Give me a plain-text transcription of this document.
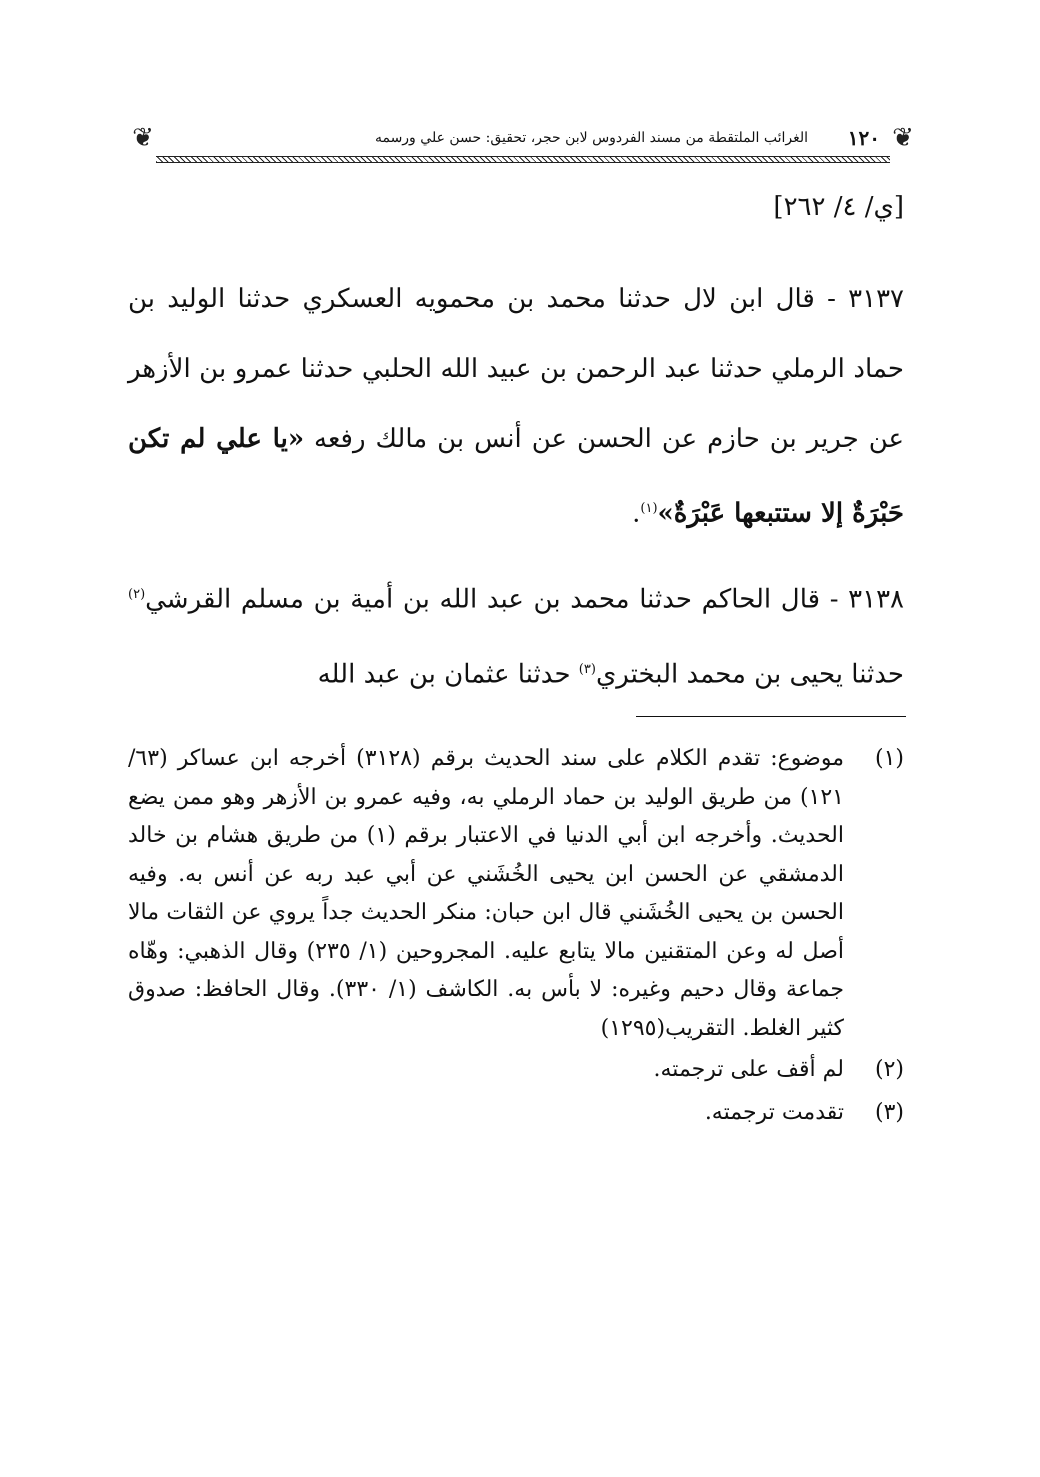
❦	١٢٠
الغرائب الملتقطة من مسند الفردوس لابن حجر، تحقيق: حسن علي ورسمه	❦
[ي/ ٤/ ٢٦٢]
٣١٣٧ - قال ابن لال حدثنا محمد بن محمويه العسكري حدثنا الوليد بن حماد الرملي حدثنا عبد الرحمن بن عبيد الله الحلبي حدثنا عمرو بن الأزهر عن جرير بن حازم عن الحسن عن أنس بن مالك رفعه «يا علي لم تكن حَبْرَةٌ إلا ستتبعها عَبْرَةٌ»$^{(١)}$.
٣١٣٨ - قال الحاكم حدثنا محمد بن عبد الله بن أمية بن مسلم القرشي$^{(٢)}$ حدثنا يحيى بن محمد البختري$^{(٣)}$ حدثنا عثمان بن عبد الله
(١)
موضوع: تقدم الكلام على سند الحديث برقم (٣١٢٨) أخرجه ابن عساكر (٦٣/ ١٢١) من طريق الوليد بن حماد الرملي به، وفيه عمرو بن الأزهر وهو ممن يضع الحديث. وأخرجه ابن أبي الدنيا في الاعتبار برقم (١) من طريق هشام بن خالد الدمشقي عن الحسن ابن يحيى الخُشَني عن أبي عبد ربه عن أنس به. وفيه الحسن بن يحيى الخُشَني قال ابن حبان: منكر الحديث جداً يروي عن الثقات مالا أصل له وعن المتقنين مالا يتابع عليه. المجروحين (١/ ٢٣٥) وقال الذهبي: وهّاه جماعة وقال دحيم وغيره: لا بأس به. الكاشف (١/ ٣٣٠). وقال الحافظ: صدوق كثير الغلط. التقريب(١٢٩٥)
(٢)
لم أقف على ترجمته.
(٣)
تقدمت ترجمته.
